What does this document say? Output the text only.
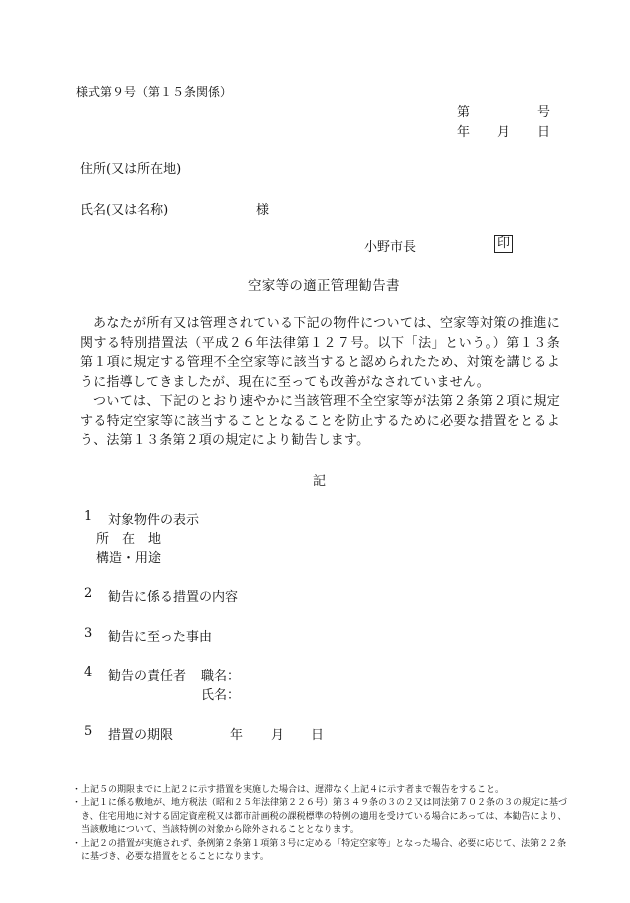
様式第９号（第１５条関係）
第	号
年 月 日
住所(又は所在地)
氏名(又は名称)	様
小野市長	印
空家等の適正管理勧告書

あなたが所有又は管理されている下記の物件については、空家等対策の推進に関する特別措置法（平成２６年法律第１２７号。以下「法」という。）第１３条第１項に規定する管理不全空家等に該当すると認められたため、対策を講じるように指導してきましたが、現在に至っても改善がなされていません。

ついては、下記のとおり速やかに当該管理不全空家等が法第２条第２項に規定する特定空家等に該当することとなることを防止するために必要な措置をとるよう、法第１３条第２項の規定により勧告します。

記
1 対象物件の表示
所　在　地
構造・用途
2 勧告に係る措置の内容
3 勧告に至った事由
4 勧告の責任者 職名：
氏名：
5 措置の期限	年 月 日

・上記５の期限までに上記２に示す措置を実施した場合は、遅滞なく上記４に示す者まで報告をすること。

・上記１に係る敷地が、地方税法（昭和２５年法律第２２６号）第３４９条の３の２又は同法第７０２条の３の規定に基づき、住宅用地に対する固定資産税又は都市計画税の課税標準の特例の適用を受けている場合にあっては、本勧告により、当該敷地について、当該特例の対象から除外されることとなります。

・上記２の措置が実施されず、条例第２条第１項第３号に定める「特定空家等」となった場合、必要に応じて、法第２２条に基づき、必要な措置をとることになります。
